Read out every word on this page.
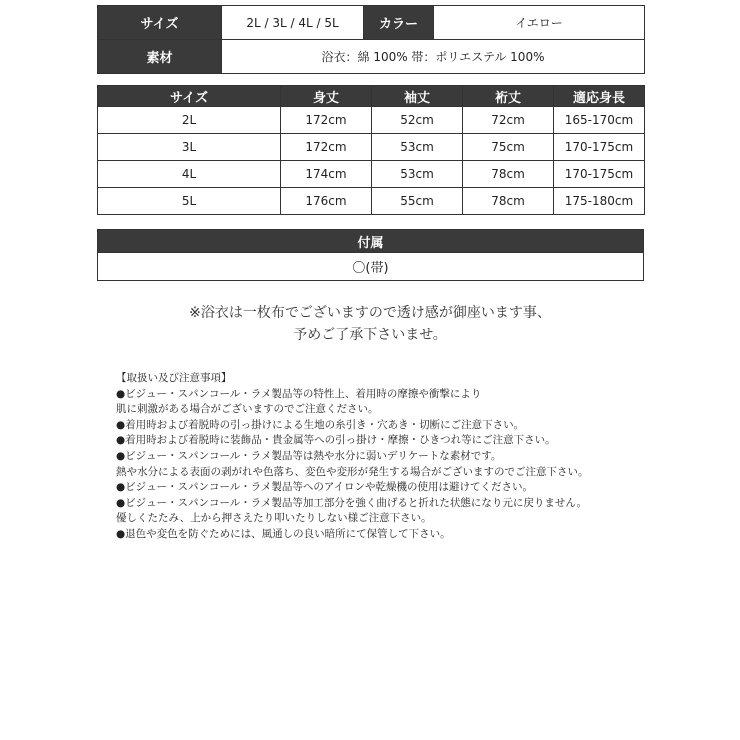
サイズ	2L / 3L / 4L / 5L	カラー	イエロー
素材	浴衣：綿 100% 帯：ポリエステル 100%		
サイズ	身丈	袖丈	裄丈	適応身長
2L	172cm	52cm	72cm	165-170cm
3L	172cm	53cm	75cm	170-175cm
4L	174cm	53cm	78cm	170-175cm
5L	176cm	55cm	78cm	175-180cm
付属
〇(帯)
※浴衣は一枚布でございますので透け感が御座います事、
予めご了承下さいませ。
【取扱い及び注意事項】
●ビジュー・スパンコール・ラメ製品等の特性上、着用時の摩擦や衝撃により
肌に刺激がある場合がございますのでご注意ください。
●着用時および着脱時の引っ掛けによる生地の糸引き・穴あき・切断にご注意下さい。
●着用時および着脱時に装飾品・貴金属等への引っ掛け・摩擦・ひきつれ等にご注意下さい。
●ビジュー・スパンコール・ラメ製品等は熱や水分に弱いデリケートな素材です。
熱や水分による表面の剥がれや色落ち、変色や変形が発生する場合がございますのでご注意下さい。
●ビジュー・スパンコール・ラメ製品等へのアイロンや乾燥機の使用は避けてください。
●ビジュー・スパンコール・ラメ製品等加工部分を強く曲げると折れた状態になり元に戻りません。
優しくたたみ、上から押さえたり叩いたりしない様ご注意下さい。
●退色や変色を防ぐためには、風通しの良い暗所にて保管して下さい。
